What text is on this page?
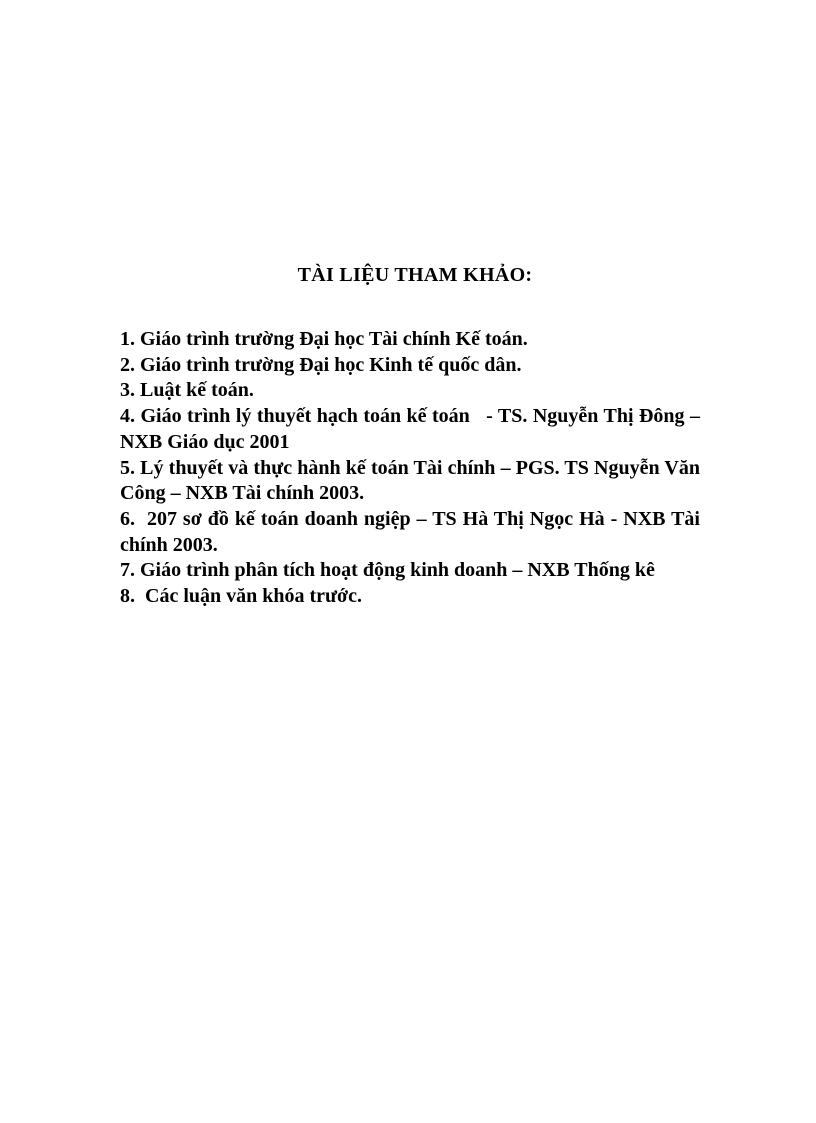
TÀI LIỆU THAM KHẢO:
1. Giáo trình trường Đại học Tài chính Kế toán.
2. Giáo trình trường Đại học Kinh tế quốc dân.
3. Luật kế toán.
4. Giáo trình lý thuyết hạch toán kế toán   - TS. Nguyễn Thị Đông – NXB Giáo dục 2001
5. Lý thuyết và thực hành kế toán Tài chính – PGS. TS Nguyễn Văn Công – NXB Tài chính 2003.
6.  207 sơ đồ kế toán doanh ngiệp – TS Hà Thị Ngọc Hà - NXB Tài chính 2003.
7. Giáo trình phân tích hoạt động kinh doanh – NXB Thống kê
8.  Các luận văn khóa trước.
